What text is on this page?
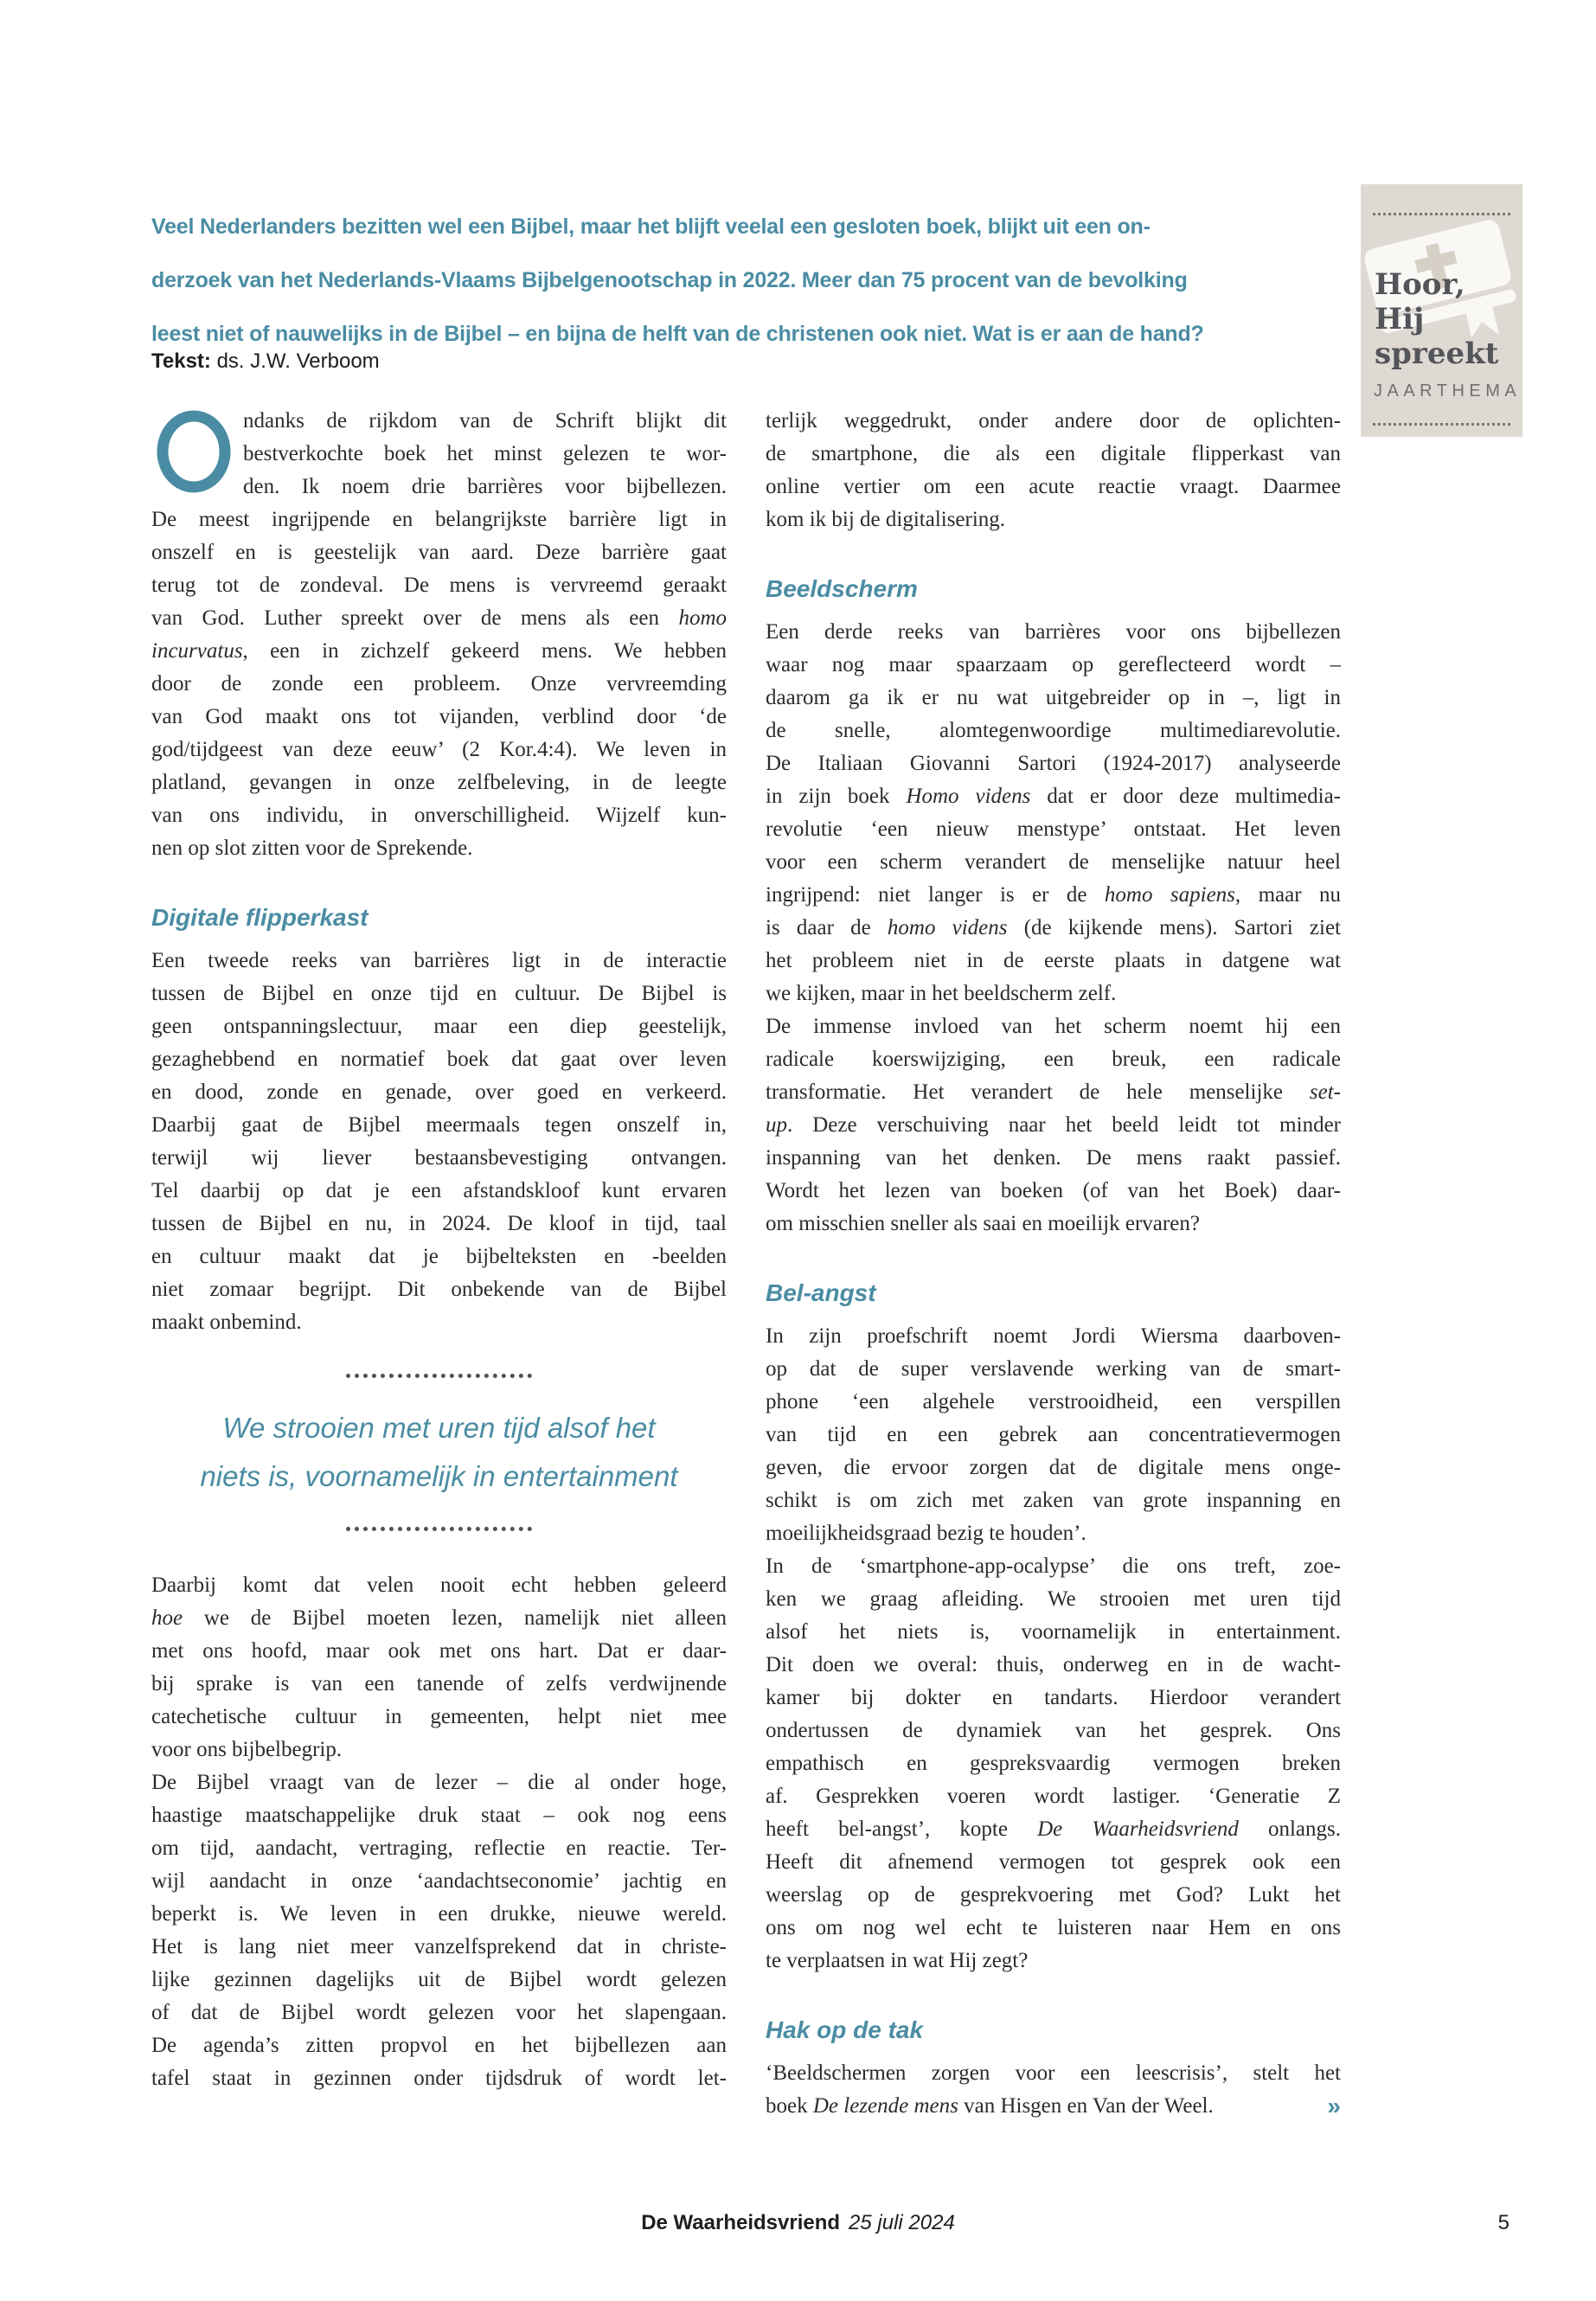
Veel Nederlanders bezitten wel een Bijbel, maar het blijft veelal een gesloten boek, blijkt uit een on-
derzoek van het Nederlands-Vlaams Bijbelgenootschap in 2022. Meer dan 75 procent van de bevolking
leest niet of nauwelijks in de Bijbel – en bijna de helft van de christenen ook niet. Wat is er aan de hand?

Hoor,
Hij
spreekt
JAARTHEMA
Tekst: ds. J.W. Verboom
ndanks de rijkdom van de Schrift blijkt dit
bestverkochte boek het minst gelezen te wor-
den. Ik noem drie barrières voor bijbellezen.
De meest ingrijpende en belangrijkste barrière ligt in
onszelf en is geestelijk van aard. Deze barrière gaat
terug tot de zondeval. De mens is vervreemd geraakt
van God. Luther spreekt over de mens als een homo
incurvatus, een in zichzelf gekeerd mens. We hebben
door de zonde een probleem. Onze vervreemding
van God maakt ons tot vijanden, verblind door ‘de
god/tijdgeest van deze eeuw’ (2 Kor.4:4). We leven in
platland, gevangen in onze zelfbeleving, in de leegte
van ons individu, in onverschilligheid. Wijzelf kun-
nen op slot zitten voor de Sprekende.
Digitale flipperkast
Een tweede reeks van barrières ligt in de interactie
tussen de Bijbel en onze tijd en cultuur. De Bijbel is
geen ontspanningslectuur, maar een diep geestelijk,
gezaghebbend en normatief boek dat gaat over leven
en dood, zonde en genade, over goed en verkeerd.
Daarbij gaat de Bijbel meermaals tegen onszelf in,
terwijl wij liever bestaansbevestiging ontvangen.
Tel daarbij op dat je een afstandskloof kunt ervaren
tussen de Bijbel en nu, in 2024. De kloof in tijd, taal
en cultuur maakt dat je bijbelteksten en -beelden
niet zomaar begrijpt. Dit onbekende van de Bijbel
maakt onbemind.
We strooien met uren tijd alsof het
niets is, voornamelijk in entertainment
Daarbij komt dat velen nooit echt hebben geleerd
hoe we de Bijbel moeten lezen, namelijk niet alleen
met ons hoofd, maar ook met ons hart. Dat er daar-
bij sprake is van een tanende of zelfs verdwijnende
catechetische cultuur in gemeenten, helpt niet mee
voor ons bijbelbegrip.
De Bijbel vraagt van de lezer – die al onder hoge,
haastige maatschappelijke druk staat – ook nog eens
om tijd, aandacht, vertraging, reflectie en reactie. Ter-
wijl aandacht in onze ‘aandachtseconomie’ jachtig en
beperkt is. We leven in een drukke, nieuwe wereld.
Het is lang niet meer vanzelfsprekend dat in christe-
lijke gezinnen dagelijks uit de Bijbel wordt gelezen
of dat de Bijbel wordt gelezen voor het slapengaan.
De agenda’s zitten propvol en het bijbellezen aan
tafel staat in gezinnen onder tijdsdruk of wordt let-
terlijk weggedrukt, onder andere door de oplichten-
de smartphone, die als een digitale flipperkast van
online vertier om een acute reactie vraagt. Daarmee
kom ik bij de digitalisering.
Beeldscherm
Een derde reeks van barrières voor ons bijbellezen
waar nog maar spaarzaam op gereflecteerd wordt –
daarom ga ik er nu wat uitgebreider op in –, ligt in
de snelle, alomtegenwoordige multimediarevolutie.
De Italiaan Giovanni Sartori (1924-2017) analyseerde
in zijn boek Homo videns dat er door deze multimedia-
revolutie ‘een nieuw menstype’ ontstaat. Het leven
voor een scherm verandert de menselijke natuur heel
ingrijpend: niet langer is er de homo sapiens, maar nu
is daar de homo videns (de kijkende mens). Sartori ziet
het probleem niet in de eerste plaats in datgene wat
we kijken, maar in het beeldscherm zelf.
De immense invloed van het scherm noemt hij een
radicale koerswijziging, een breuk, een radicale
transformatie. Het verandert de hele menselijke set-
up. Deze verschuiving naar het beeld leidt tot minder
inspanning van het denken. De mens raakt passief.
Wordt het lezen van boeken (of van het Boek) daar-
om misschien sneller als saai en moeilijk ervaren?
Bel-angst
In zijn proefschrift noemt Jordi Wiersma daarboven-
op dat de super verslavende werking van de smart-
phone ‘een algehele verstrooidheid, een verspillen
van tijd en een gebrek aan concentratievermogen
geven, die ervoor zorgen dat de digitale mens onge-
schikt is om zich met zaken van grote inspanning en
moeilijkheidsgraad bezig te houden’.
In de ‘smartphone-app-ocalypse’ die ons treft, zoe-
ken we graag afleiding. We strooien met uren tijd
alsof het niets is, voornamelijk in entertainment.
Dit doen we overal: thuis, onderweg en in de wacht-
kamer bij dokter en tandarts. Hierdoor verandert
ondertussen de dynamiek van het gesprek. Ons
empathisch en gespreksvaardig vermogen breken
af. Gesprekken voeren wordt lastiger. ‘Generatie Z
heeft bel-angst’, kopte De Waarheidsvriend onlangs.
Heeft dit afnemend vermogen tot gesprek ook een
weerslag op de gesprekvoering met God? Lukt het
ons om nog wel echt te luisteren naar Hem en ons
te verplaatsen in wat Hij zegt?
Hak op de tak
‘Beeldschermen zorgen voor een leescrisis’, stelt het
»
boek De lezende mens van Hisgen en Van der Weel.
De Waarheidsvriend 25 juli 2024	5
